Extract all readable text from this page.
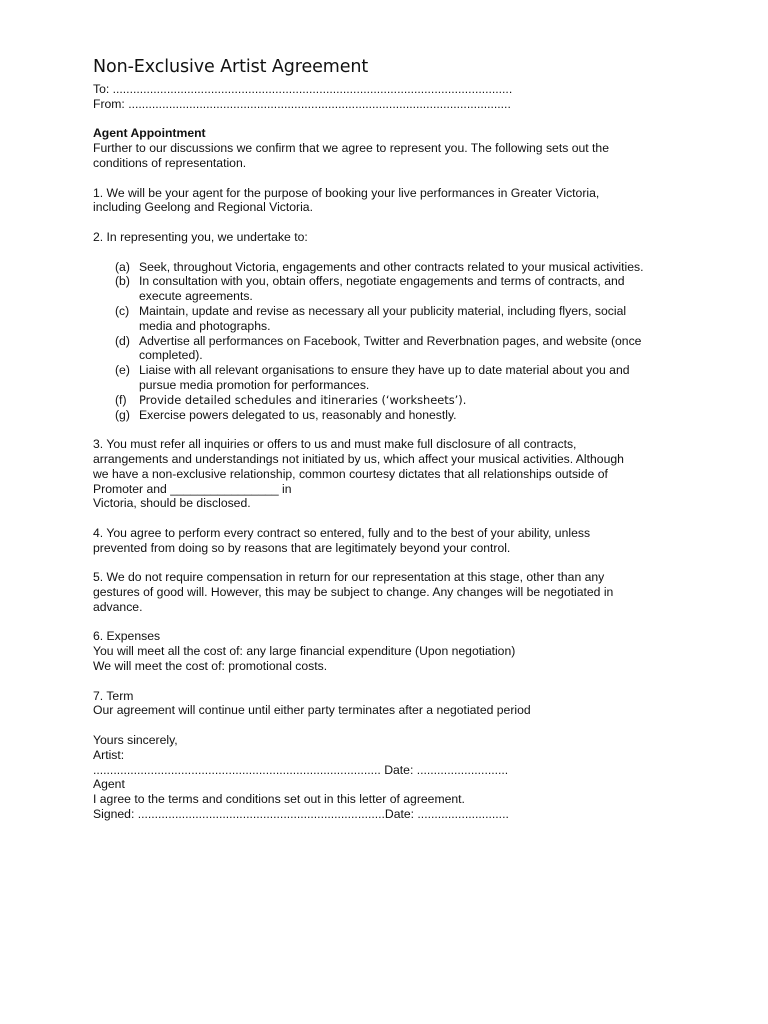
Non-Exclusive Artist Agreement
To: ......................................................................................................................
From: .................................................................................................................
Agent Appointment
Further to our discussions we confirm that we agree to represent you. The following sets out the
conditions of representation.
1. We will be your agent for the purpose of booking your live performances in Greater Victoria,
including Geelong and Regional Victoria.
2. In representing you, we undertake to:
(a) Seek, throughout Victoria, engagements and other contracts related to your musical activities.
(b) In consultation with you, obtain offers, negotiate engagements and terms of contracts, and
execute agreements.
(c) Maintain, update and revise as necessary all your publicity material, including flyers, social
media and photographs.
(d) Advertise all performances on Facebook, Twitter and Reverbnation pages, and website (once
completed).
(e) Liaise with all relevant organisations to ensure they have up to date material about you and
pursue media promotion for performances.
(f) Provide detailed schedules and itineraries (‘worksheets’).
(g) Exercise powers delegated to us, reasonably and honestly.
3. You must refer all inquiries or offers to us and must make full disclosure of all contracts,
arrangements and understandings not initiated by us, which affect your musical activities. Although
we have a non-exclusive relationship, common courtesy dictates that all relationships outside of
Promoter and ________________ in
Victoria, should be disclosed.
4. You agree to perform every contract so entered, fully and to the best of your ability, unless
prevented from doing so by reasons that are legitimately beyond your control.
5. We do not require compensation in return for our representation at this stage, other than any
gestures of good will. However, this may be subject to change. Any changes will be negotiated in
advance.
6. Expenses
You will meet all the cost of: any large financial expenditure (Upon negotiation)
We will meet the cost of: promotional costs.
7. Term
Our agreement will continue until either party terminates after a negotiated period
Yours sincerely,
Artist:
..................................................................................... Date: ...........................
Agent
I agree to the terms and conditions set out in this letter of agreement.
Signed: .........................................................................Date: ...........................
